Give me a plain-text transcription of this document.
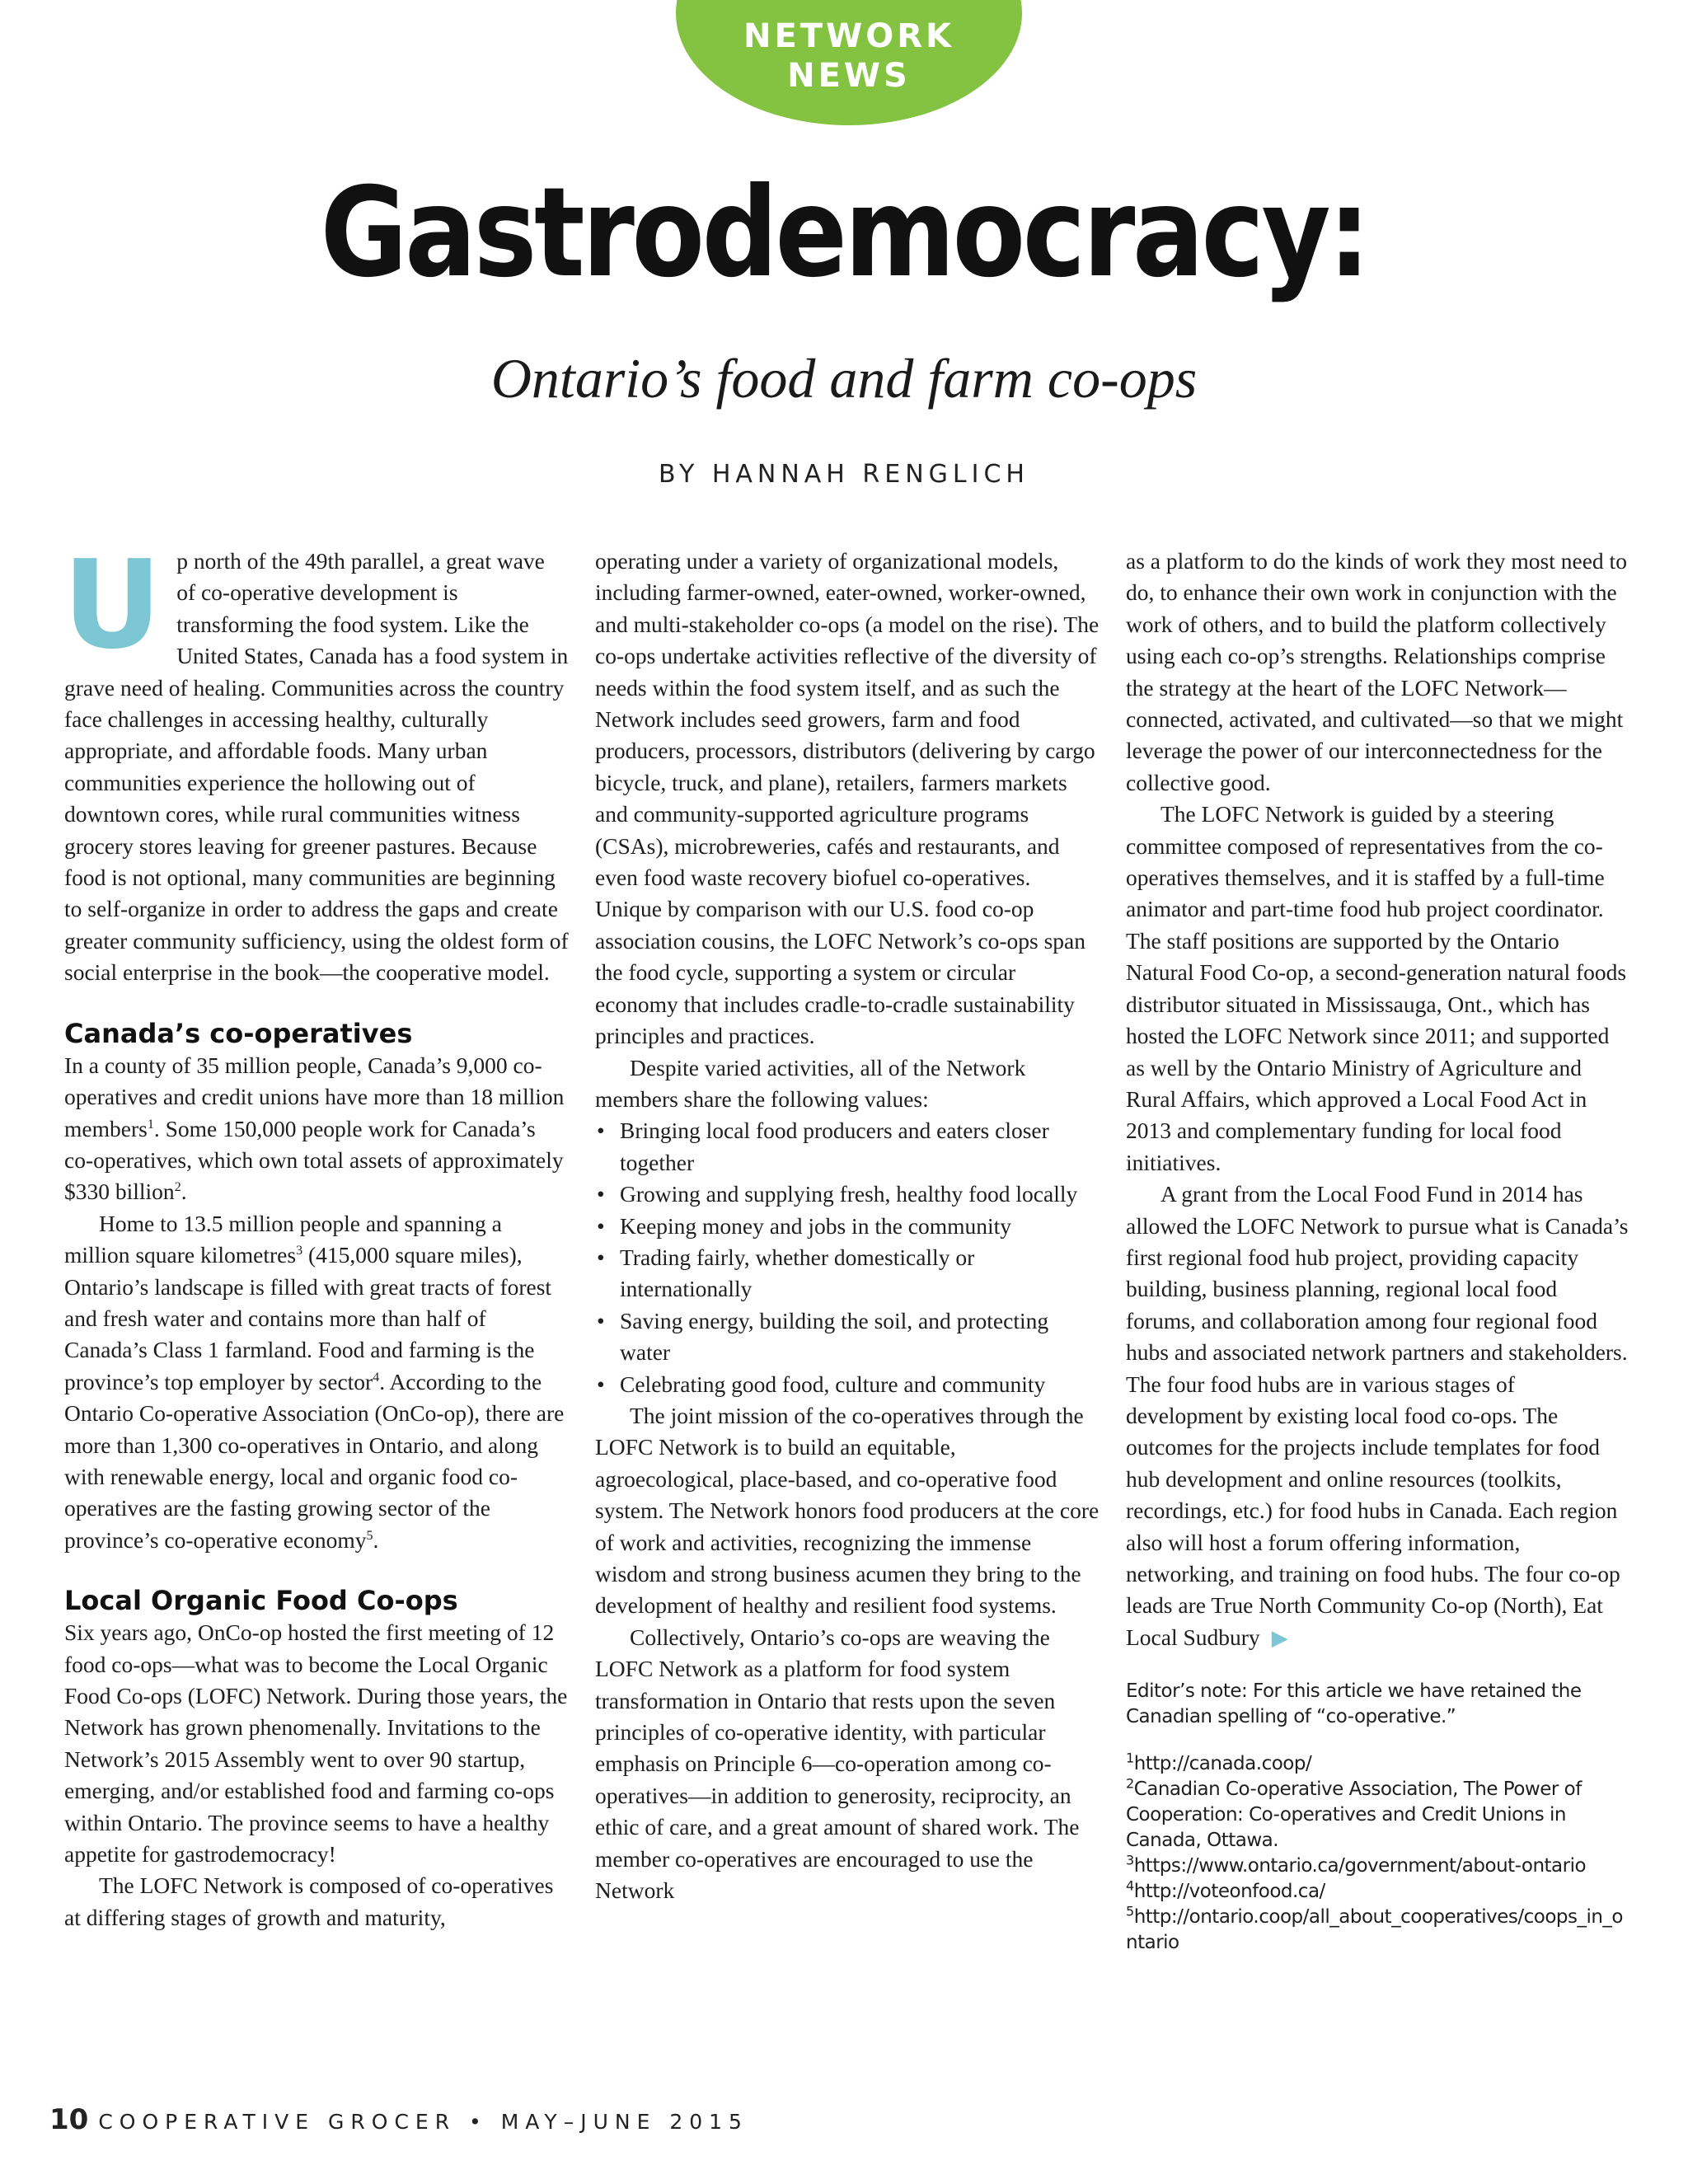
NETWORK
NEWS
Gastrodemocracy:
Ontario’s food and farm co-ops
BY HANNAH RENGLICH

Up north of the 49th parallel, a great wave of co-operative development is transforming the food system. Like the United States, Canada has a food system in grave need of healing. Communities across the country face challenges in accessing healthy, culturally appropriate, and affordable foods. Many urban communities experience the hollowing out of downtown cores, while rural communities witness grocery stores leaving for greener pastures. Because food is not optional, many communities are beginning to self-organize in order to address the gaps and create greater community sufficiency, using the oldest form of social enterprise in the book—the cooperative model.

Canada’s co-operatives

In a county of 35 million people, Canada’s 9,000 co-operatives and credit unions have more than 18 million members$^1$. Some 150,000 people work for Canada’s co-operatives, which own total assets of approximately $330 billion$^2$.

Home to 13.5 million people and spanning a million square kilometres$^3$ (415,000 square miles), Ontario’s landscape is filled with great tracts of forest and fresh water and contains more than half of Canada’s Class 1 farmland. Food and farming is the province’s top employer by sector$^4$. According to the Ontario Co-operative Association (OnCo-op), there are more than 1,300 co-operatives in Ontario, and along with renewable energy, local and organic food co-operatives are the fasting growing sector of the province’s co-operative economy$^5$.

Local Organic Food Co-ops

Six years ago, OnCo-op hosted the first meeting of 12 food co-ops—what was to become the Local Organic Food Co-ops (LOFC) Network. During those years, the Network has grown phenomenally. Invitations to the Network’s 2015 Assembly went to over 90 startup, emerging, and/or established food and farming co-ops within Ontario. The province seems to have a healthy appetite for gastrodemocracy!

The LOFC Network is composed of co-operatives at differing stages of growth and maturity,

operating under a variety of organizational models, including farmer-owned, eater-owned, worker-owned, and multi-stakeholder co-ops (a model on the rise). The co-ops undertake activities reflective of the diversity of needs within the food system itself, and as such the Network includes seed growers, farm and food producers, processors, distributors (delivering by cargo bicycle, truck, and plane), retailers, farmers markets and community-supported agriculture programs (CSAs), microbreweries, cafés and restaurants, and even food waste recovery biofuel co-operatives. Unique by comparison with our U.S. food co-op association cousins, the LOFC Network’s co-ops span the food cycle, supporting a system or circular economy that includes cradle-to-cradle sustainability principles and practices.

Despite varied activities, all of the Network members share the following values:

• Bringing local food producers and eaters closer together
• Growing and supplying fresh, healthy food locally
• Keeping money and jobs in the community
• Trading fairly, whether domestically or internationally
• Saving energy, building the soil, and protecting water
• Celebrating good food, culture and community

The joint mission of the co-operatives through the LOFC Network is to build an equitable, agroecological, place-based, and co-operative food system. The Network honors food producers at the core of work and activities, recognizing the immense wisdom and strong business acumen they bring to the development of healthy and resilient food systems.

Collectively, Ontario’s co-ops are weaving the LOFC Network as a platform for food system transformation in Ontario that rests upon the seven principles of co-operative identity, with particular emphasis on Principle 6—co-operation among co-operatives—in addition to generosity, reciprocity, an ethic of care, and a great amount of shared work. The member co-operatives are encouraged to use the Network

as a platform to do the kinds of work they most need to do, to enhance their own work in conjunction with the work of others, and to build the platform collectively using each co-op’s strengths. Relationships comprise the strategy at the heart of the LOFC Network—connected, activated, and cultivated—so that we might leverage the power of our interconnectedness for the collective good.

The LOFC Network is guided by a steering committee composed of representatives from the co-operatives themselves, and it is staffed by a full-time animator and part-time food hub project coordinator. The staff positions are supported by the Ontario Natural Food Co-op, a second-generation natural foods distributor situated in Mississauga, Ont., which has hosted the LOFC Network since 2011; and supported as well by the Ontario Ministry of Agriculture and Rural Affairs, which approved a Local Food Act in 2013 and complementary funding for local food initiatives.

A grant from the Local Food Fund in 2014 has allowed the LOFC Network to pursue what is Canada’s first regional food hub project, providing capacity building, business planning, regional local food forums, and collaboration among four regional food hubs and associated network partners and stakeholders. The four food hubs are in various stages of development by existing local food co-ops. The outcomes for the projects include templates for food hub development and online resources (toolkits, recordings, etc.) for food hubs in Canada. Each region also will host a forum offering information, networking, and training on food hubs. The four co-op leads are True North Community Co-op (North), Eat Local Sudbury ▶

Editor’s note: For this article we have retained the Canadian spelling of “co-operative.”
$^1$http://canada.coop/
$^2$Canadian Co-operative Association, The Power of Cooperation: Co-operatives and Credit Unions in Canada, Ottawa.
$^3$https://www.ontario.ca/government/about-ontario
$^4$http://voteonfood.ca/
$^5$http://ontario.coop/all_about_cooperatives/coops_in_ontario
10 COOPERATIVE GROCER • MAY–JUNE 2015
